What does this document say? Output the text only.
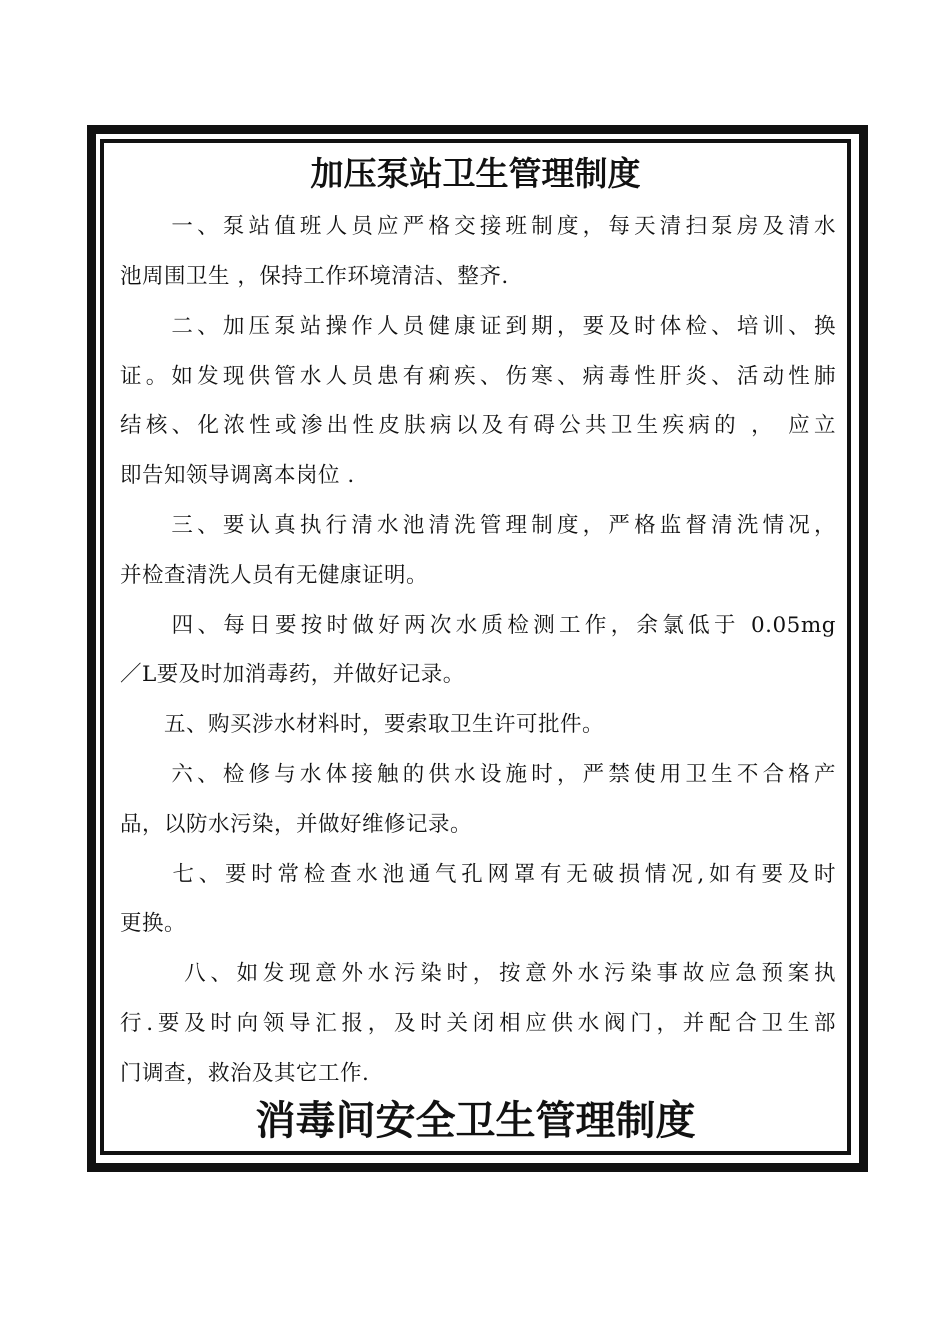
加压泵站卫生管理制度

　　一、泵站值班人员应严格交接班制度，每天清扫泵房及清水

池周围卫生 ，保持工作环境清洁、整齐.

　　二、加压泵站操作人员健康证到期，要及时体检、培训、换

证。如发现供管水人员患有痢疾、伤寒、病毒性肝炎、活动性肺

结核、化浓性或渗出性皮肤病以及有碍公共卫生疾病的 ， 应立

即告知领导调离本岗位 .

　　三、要认真执行清水池清洗管理制度，严格监督清洗情况，

并检查清洗人员有无健康证明。

　　四、每日要按时做好两次水质检测工作，余氯低于 0.05mg

／L要及时加消毒药，并做好记录。

　　五、购买涉水材料时，要索取卫生许可批件。

　　六、检修与水体接触的供水设施时，严禁使用卫生不合格产

品，以防水污染，并做好维修记录。

　　七、要时常检查水池通气孔网罩有无破损情况,如有要及时

更换。

　　 八、如发现意外水污染时，按意外水污染事故应急预案执

行.要及时向领导汇报，及时关闭相应供水阀门，并配合卫生部

门调查，救治及其它工作.

消毒间安全卫生管理制度
